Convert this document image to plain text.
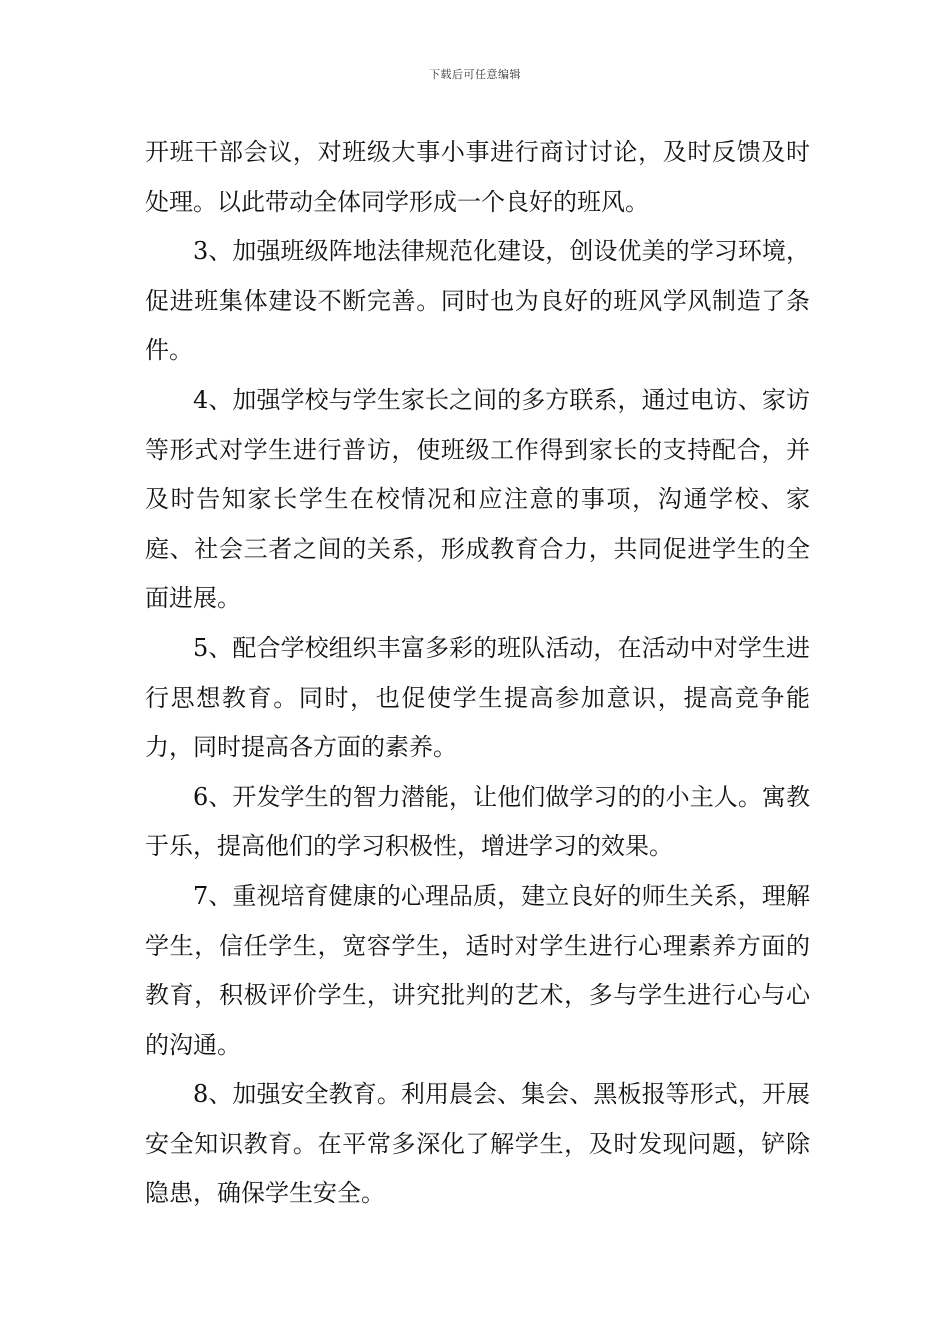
下载后可任意编辑

开班干部会议，对班级大事小事进行商讨讨论，及时反馈及时处理。以此带动全体同学形成一个良好的班风。

3、加强班级阵地法律规范化建设，创设优美的学习环境，促进班集体建设不断完善。同时也为良好的班风学风制造了条件。

4、加强学校与学生家长之间的多方联系，通过电访、家访等形式对学生进行普访，使班级工作得到家长的支持配合，并及时告知家长学生在校情况和应注意的事项，沟通学校、家庭、社会三者之间的关系，形成教育合力，共同促进学生的全面进展。

5、配合学校组织丰富多彩的班队活动，在活动中对学生进行思想教育。同时，也促使学生提高参加意识，提高竞争能力，同时提高各方面的素养。

6、开发学生的智力潜能，让他们做学习的的小主人。寓教于乐，提高他们的学习积极性，增进学习的效果。

7、重视培育健康的心理品质，建立良好的师生关系，理解学生，信任学生，宽容学生，适时对学生进行心理素养方面的教育，积极评价学生，讲究批判的艺术，多与学生进行心与心的沟通。

8、加强安全教育。利用晨会、集会、黑板报等形式，开展安全知识教育。在平常多深化了解学生，及时发现问题，铲除隐患，确保学生安全。
